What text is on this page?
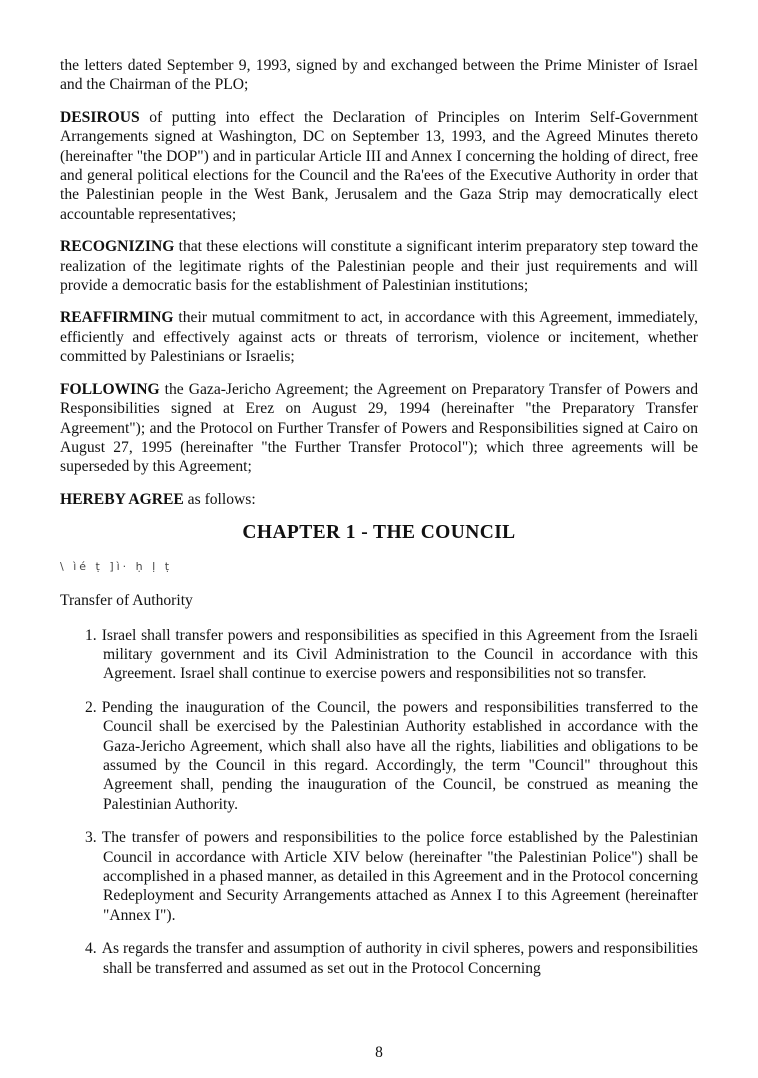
the letters dated September 9, 1993, signed by and exchanged between the Prime Minister of Israel and the Chairman of the PLO;

DESIROUS of putting into effect the Declaration of Principles on Interim Self-Government Arrangements signed at Washington, DC on September 13, 1993, and the Agreed Minutes thereto (hereinafter "the DOP") and in particular Article III and Annex I concerning the holding of direct, free and general political elections for the Council and the Ra'ees of the Executive Authority in order that the Palestinian people in the West Bank, Jerusalem and the Gaza Strip may democratically elect accountable representatives;

RECOGNIZING that these elections will constitute a significant interim preparatory step toward the realization of the legitimate rights of the Palestinian people and their just requirements and will provide a democratic basis for the establishment of Palestinian institutions;

REAFFIRMING their mutual commitment to act, in accordance with this Agreement, immediately, efficiently and effectively against acts or threats of terrorism, violence or incitement, whether committed by Palestinians or Israelis;

FOLLOWING the Gaza-Jericho Agreement; the Agreement on Preparatory Transfer of Powers and Responsibilities signed at Erez on August 29, 1994 (hereinafter "the Preparatory Transfer Agreement"); and the Protocol on Further Transfer of Powers and Responsibilities signed at Cairo on August 27, 1995 (hereinafter "the Further Transfer Protocol"); which three agreements will be superseded by this Agreement;

HEREBY AGREE as follows:

CHAPTER 1 - THE COUNCIL
\ ìé ṭ ]ì· ḥ ḷ ṭ

Transfer of Authority

1. Israel shall transfer powers and responsibilities as specified in this Agreement from the Israeli military government and its Civil Administration to the Council in accordance with this Agreement. Israel shall continue to exercise powers and responsibilities not so transfer.

2. Pending the inauguration of the Council, the powers and responsibilities transferred to the Council shall be exercised by the Palestinian Authority established in accordance with the Gaza-Jericho Agreement, which shall also have all the rights, liabilities and obligations to be assumed by the Council in this regard. Accordingly, the term "Council" throughout this Agreement shall, pending the inauguration of the Council, be construed as meaning the Palestinian Authority.

3. The transfer of powers and responsibilities to the police force established by the Palestinian Council in accordance with Article XIV below (hereinafter "the Palestinian Police") shall be accomplished in a phased manner, as detailed in this Agreement and in the Protocol concerning Redeployment and Security Arrangements attached as Annex I to this Agreement (hereinafter "Annex I").

4. As regards the transfer and assumption of authority in civil spheres, powers and responsibilities shall be transferred and assumed as set out in the Protocol Concerning

8
